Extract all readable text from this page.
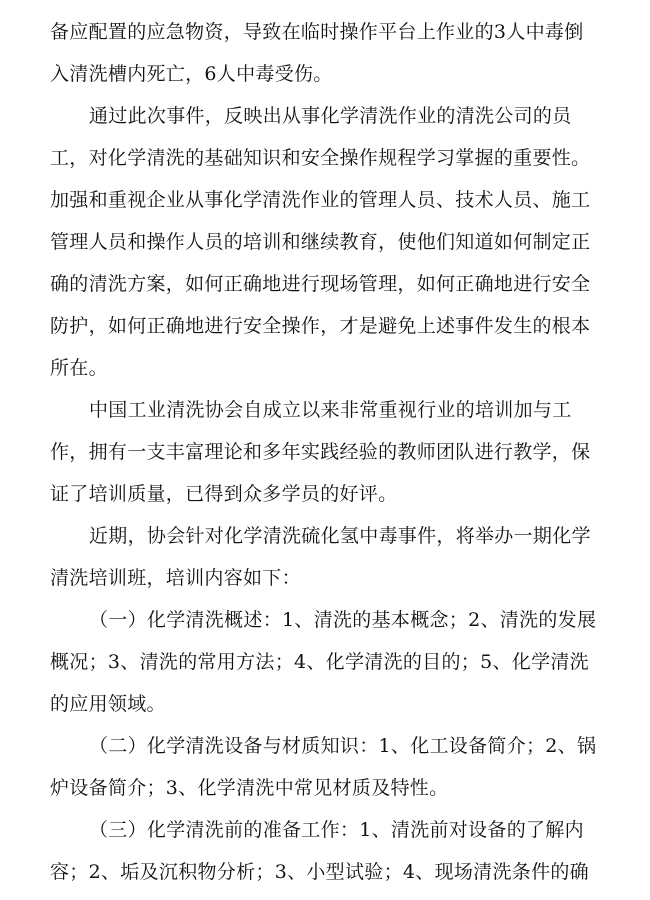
备应配置的应急物资，导致在临时操作平台上作业的3人中毒倒
入清洗槽内死亡，6人中毒受伤。
通过此次事件，反映出从事化学清洗作业的清洗公司的员
工，对化学清洗的基础知识和安全操作规程学习掌握的重要性。
加强和重视企业从事化学清洗作业的管理人员、技术人员、施工
管理人员和操作人员的培训和继续教育，使他们知道如何制定正
确的清洗方案，如何正确地进行现场管理，如何正确地进行安全
防护，如何正确地进行安全操作，才是避免上述事件发生的根本
所在。
中国工业清洗协会自成立以来非常重视行业的培训加与工
作，拥有一支丰富理论和多年实践经验的教师团队进行教学，保
证了培训质量，已得到众多学员的好评。
近期，协会针对化学清洗硫化氢中毒事件，将举办一期化学
清洗培训班，培训内容如下：
（一）化学清洗概述：1、清洗的基本概念；2、清洗的发展
概况；3、清洗的常用方法；4、化学清洗的目的；5、化学清洗
的应用领域。
（二）化学清洗设备与材质知识：1、化工设备简介；2、锅
炉设备简介；3、化学清洗中常见材质及特性。
（三）化学清洗前的准备工作：1、清洗前对设备的了解内
容；2、垢及沉积物分析；3、小型试验；4、现场清洗条件的确
